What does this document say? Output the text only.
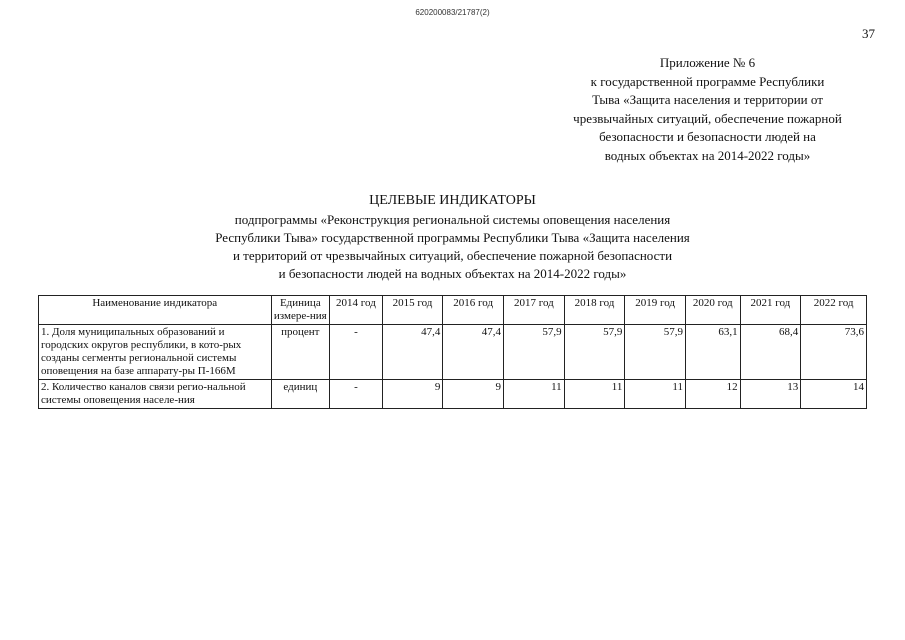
620200083/21787(2)
37
Приложение № 6
к государственной программе Республики
Тыва «Защита населения и территории от
чрезвычайных ситуаций, обеспечение пожарной
безопасности и безопасности людей на
водных объектах на 2014-2022 годы»
ЦЕЛЕВЫЕ ИНДИКАТОРЫ
подпрограммы «Реконструкция региональной системы оповещения населения
Республики Тыва» государственной программы Республики Тыва «Защита населения
и территорий от чрезвычайных ситуаций, обеспечение пожарной безопасности
и безопасности людей на водных объектах на 2014-2022 годы»
Наименование индикатора	Единица измере-ния	2014 год	2015 год	2016 год	2017 год	2018 год	2019 год	2020 год	2021 год	2022 год
1. Доля муниципальных образований и городских округов республики, в кото-рых созданы сегменты региональной системы оповещения на базе аппарату-ры П-166М	процент	-	47,4	47,4	57,9	57,9	57,9	63,1	68,4	73,6
2. Количество каналов связи регио-нальной системы оповещения населе-ния	единиц	-	9	9	11	11	11	12	13	14
